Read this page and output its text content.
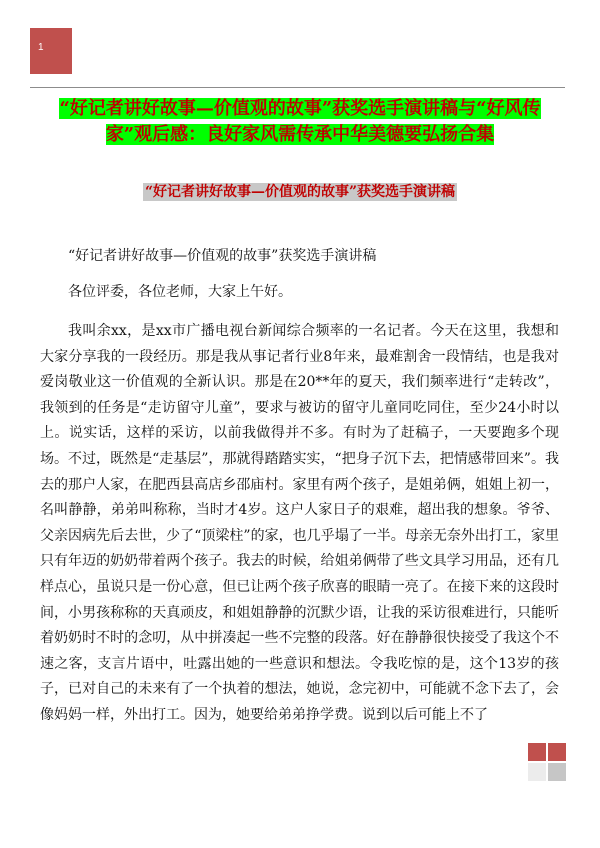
1
“好记者讲好故事—价值观的故事”获奖选手演讲稿与“好风传家”观后感：良好家风需传承中华美德要弘扬合集
“好记者讲好故事—价值观的故事”获奖选手演讲稿

“好记者讲好故事—价值观的故事”获奖选手演讲稿

各位评委，各位老师，大家上午好。

我叫余xx，是xx市广播电视台新闻综合频率的一名记者。今天在这里，我想和大家分享我的一段经历。那是我从事记者行业8年来，最难割舍一段情结，也是我对爱岗敬业这一价值观的全新认识。那是在20**年的夏天，我们频率进行“走转改”，我领到的任务是“走访留守儿童”，要求与被访的留守儿童同吃同住，至少24小时以上。说实话，这样的采访，以前我做得并不多。有时为了赶稿子，一天要跑多个现场。不过，既然是“走基层”，那就得踏踏实实，“把身子沉下去，把情感带回来”。我去的那户人家，在肥西县高店乡邵庙村。家里有两个孩子，是姐弟俩，姐姐上初一，名叫静静，弟弟叫称称，当时才4岁。这户人家日子的艰难，超出我的想象。爷爷、父亲因病先后去世，少了“顶梁柱”的家，也几乎塌了一半。母亲无奈外出打工，家里只有年迈的奶奶带着两个孩子。我去的时候，给姐弟俩带了些文具学习用品，还有几样点心，虽说只是一份心意，但已让两个孩子欣喜的眼睛一亮了。在接下来的这段时间，小男孩称称的天真顽皮，和姐姐静静的沉默少语，让我的采访很难进行，只能听着奶奶时不时的念叨，从中拼凑起一些不完整的段落。好在静静很快接受了我这个不速之客，支言片语中，吐露出她的一些意识和想法。令我吃惊的是，这个13岁的孩子，已对自己的未来有了一个执着的想法，她说，念完初中，可能就不念下去了，会像妈妈一样，外出打工。因为，她要给弟弟挣学费。说到以后可能上不了
